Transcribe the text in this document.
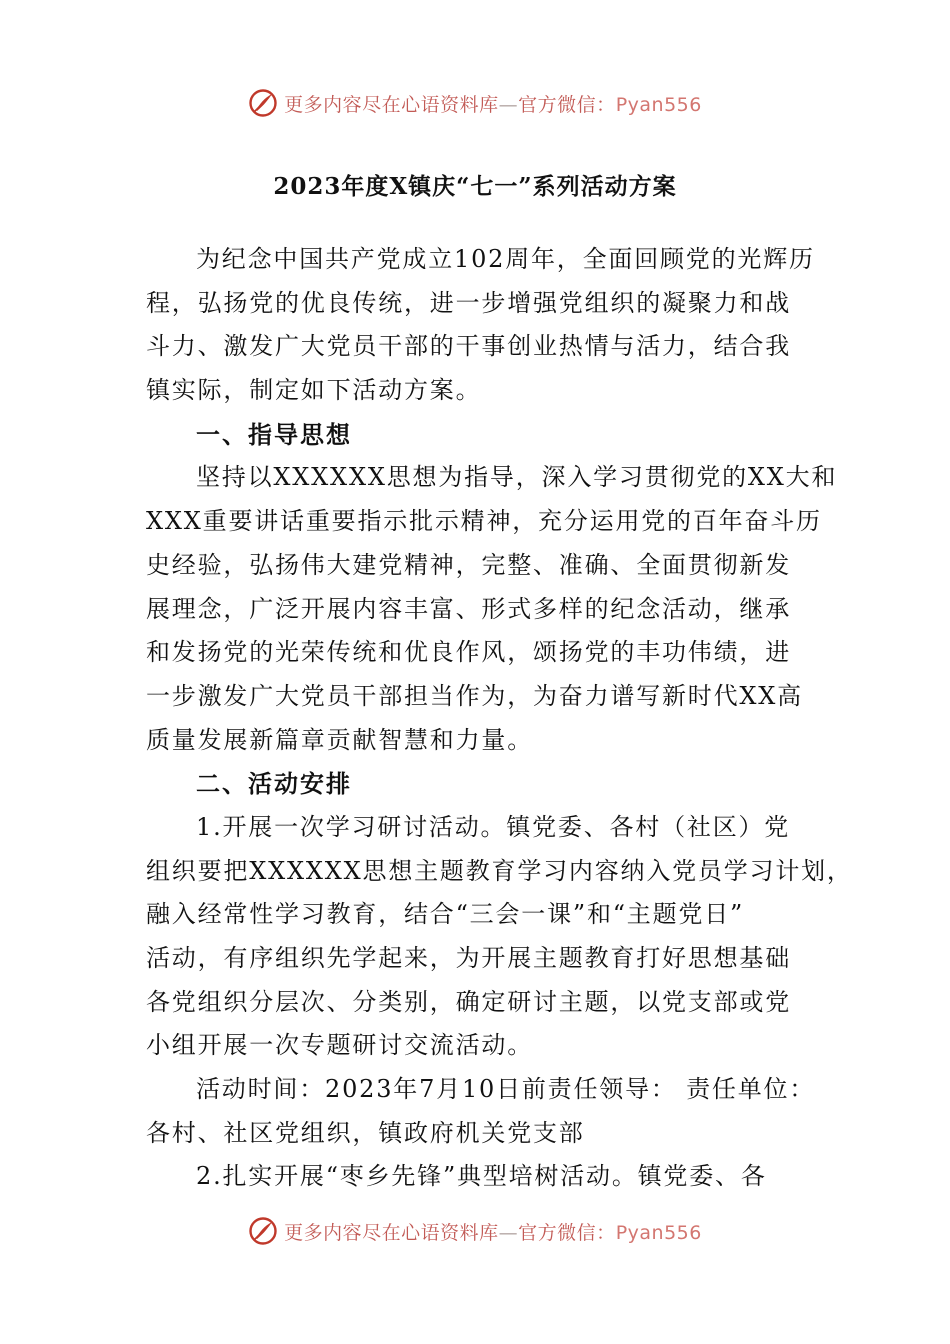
更多内容尽在心语资料库—官方微信：Pyan556
2023年度X镇庆“七一”系列活动方案
为纪念中国共产党成立102周年，全面回顾党的光辉历
程，弘扬党的优良传统，进一步增强党组织的凝聚力和战
斗力、激发广大党员干部的干事创业热情与活力，结合我
镇实际，制定如下活动方案。
一、指导思想
坚持以XXXXXX思想为指导，深入学习贯彻党的XX大和
XXX重要讲话重要指示批示精神，充分运用党的百年奋斗历
史经验，弘扬伟大建党精神，完整、准确、全面贯彻新发
展理念，广泛开展内容丰富、形式多样的纪念活动，继承
和发扬党的光荣传统和优良作风，颂扬党的丰功伟绩，进
一步激发广大党员干部担当作为，为奋力谱写新时代XX高
质量发展新篇章贡献智慧和力量。
二、活动安排
1.开展一次学习研讨活动。镇党委、各村（社区）党
组织要把XXXXXX思想主题教育学习内容纳入党员学习计划，
融入经常性学习教育，结合“三会一课”和“主题党日”
活动，有序组织先学起来，为开展主题教育打好思想基础
各党组织分层次、分类别，确定研讨主题，以党支部或党
小组开展一次专题研讨交流活动。
活动时间：2023年7月10日前责任领导： 责任单位：
各村、社区党组织，镇政府机关党支部
2.扎实开展“枣乡先锋”典型培树活动。镇党委、各
更多内容尽在心语资料库—官方微信：Pyan556
